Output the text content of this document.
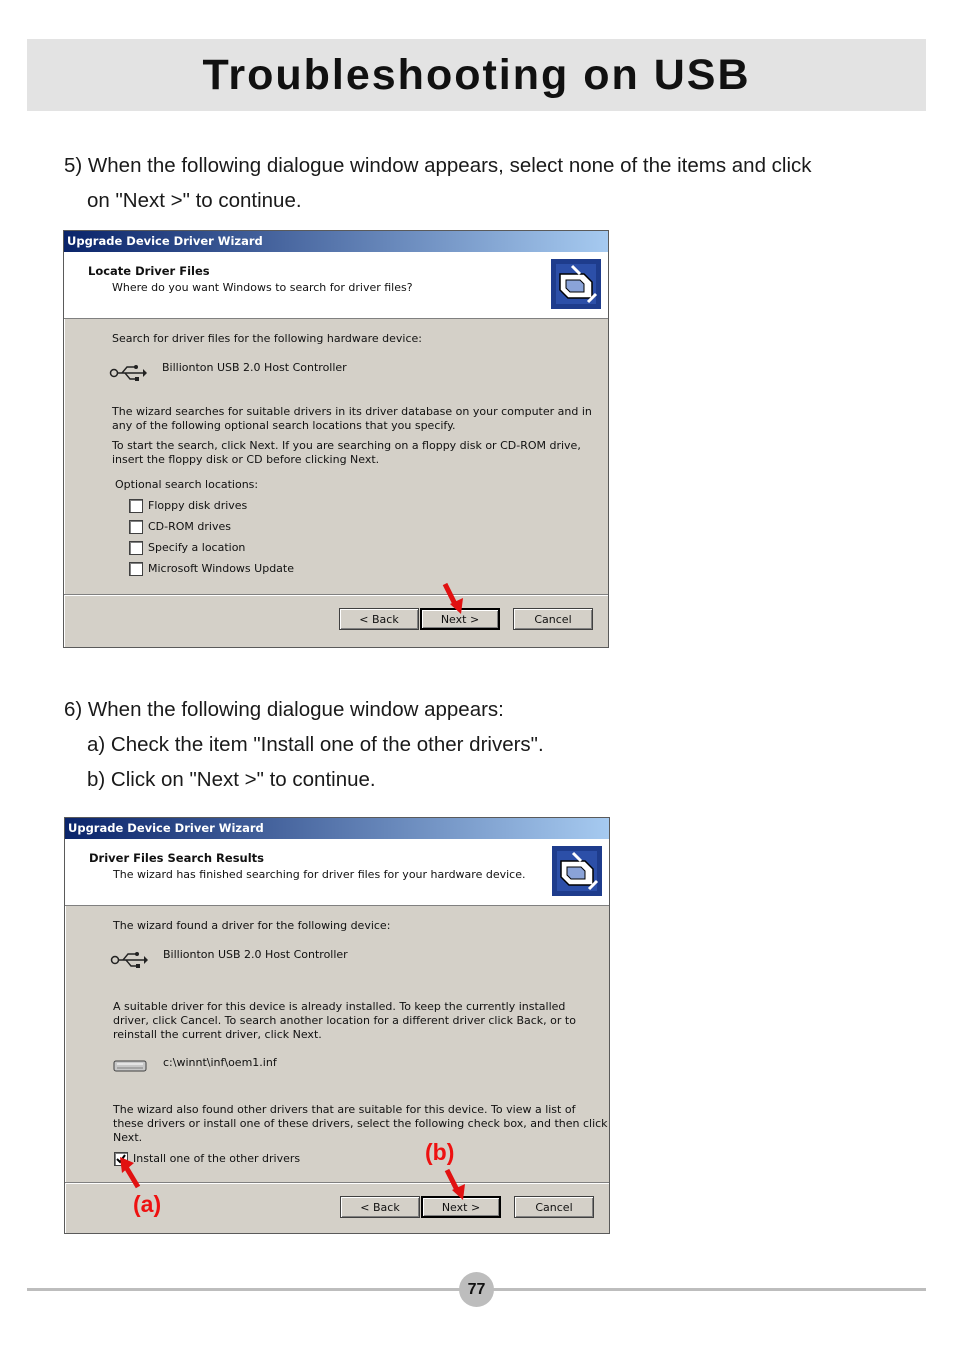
Troubleshooting on USB
5) When the following dialogue window appears, select none of the items and click
on "Next >" to continue.
Upgrade Device Driver Wizard
Locate Driver Files
Where do you want Windows to search for driver files?
Search for driver files for the following hardware device:
Billionton USB 2.0 Host Controller
The wizard searches for suitable drivers in its driver database on your computer and in
any of the following optional search locations that you specify.
To start the search, click Next. If you are searching on a floppy disk or CD-ROM drive,
insert the floppy disk or CD before clicking Next.
Optional search locations:
Floppy disk drives
CD-ROM drives
Specify a location
Microsoft Windows Update
< Back	Next >	Cancel
6) When the following dialogue window appears:
a) Check the item "Install one of the other drivers".
b) Click on "Next >" to continue.
Upgrade Device Driver Wizard
Driver Files Search Results
The wizard has finished searching for driver files for your hardware device.
The wizard found a driver for the following device:
Billionton USB 2.0 Host Controller
A suitable driver for this device is already installed. To keep the currently installed
driver, click Cancel. To search another location for a different driver click Back, or to
reinstall the current driver, click Next.
c:\winnt\inf\oem1.inf
The wizard also found other drivers that are suitable for this device. To view a list of
these drivers or install one of these drivers, select the following check box, and then click
Next.
Install one of the other drivers
< Back	Next >	Cancel
(b)
(a)
77
